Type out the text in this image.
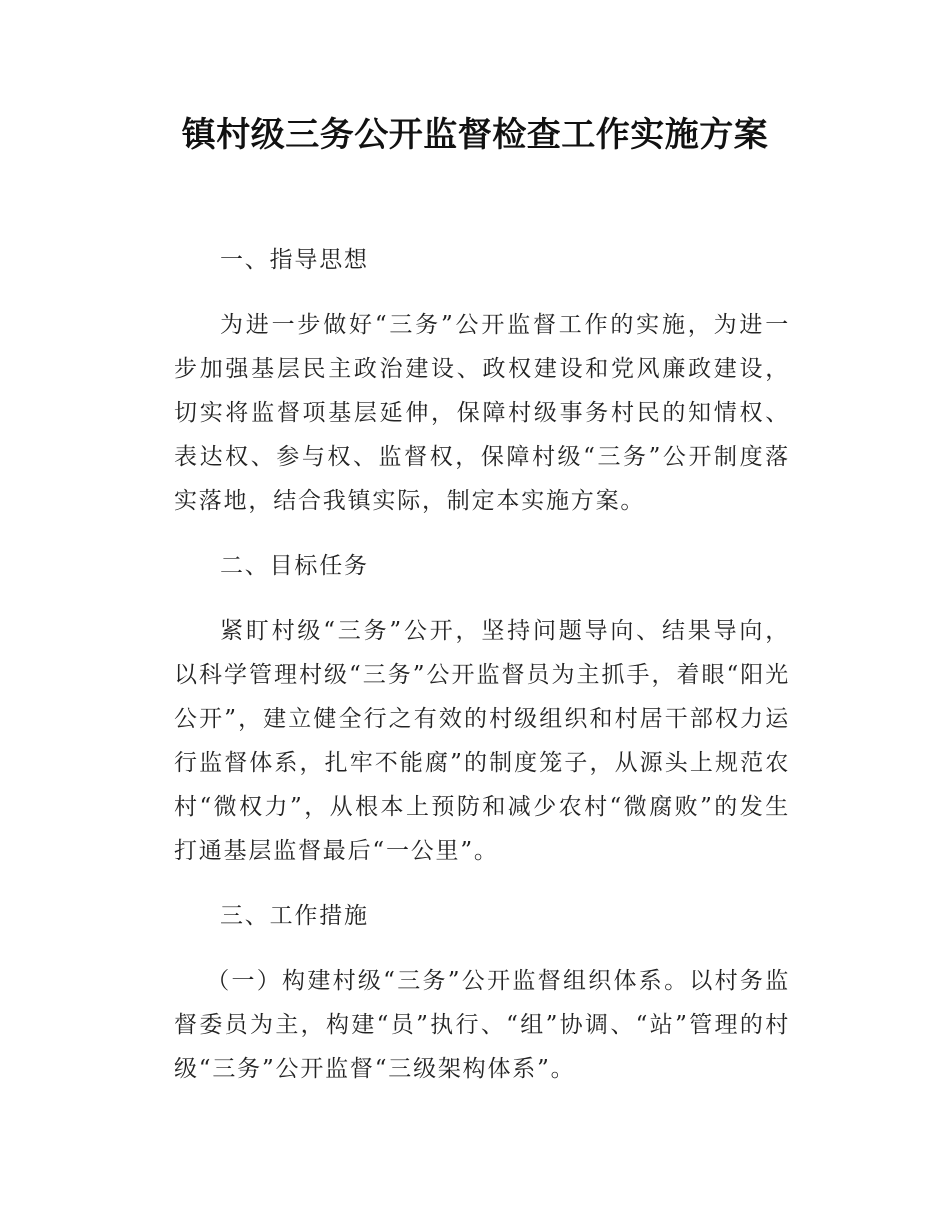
镇村级三务公开监督检查工作实施方案

一、指导思想

为进一步做好“三务”公开监督工作的实施，为进一步加强基层民主政治建设、政权建设和党风廉政建设，切实将监督项基层延伸，保障村级事务村民的知情权、表达权、参与权、监督权，保障村级“三务”公开制度落实落地，结合我镇实际，制定本实施方案。

二、目标任务

紧盯村级“三务”公开，坚持问题导向、结果导向，以科学管理村级“三务”公开监督员为主抓手，着眼“阳光公开”，建立健全行之有效的村级组织和村居干部权力运行监督体系，扎牢不能腐”的制度笼子，从源头上规范农村“微权力”，从根本上预防和减少农村“微腐败”的发生打通基层监督最后“一公里”。

三、工作措施

（一）构建村级“三务”公开监督组织体系。以村务监督委员为主，构建“员”执行、“组”协调、“站”管理的村级“三务”公开监督“三级架构体系”。
